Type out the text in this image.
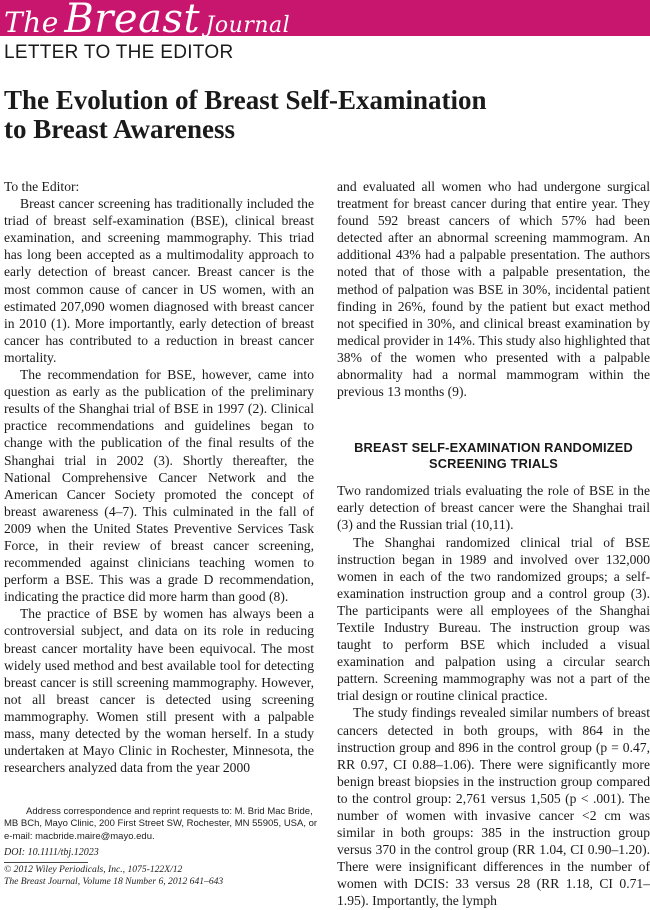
The Breast Journal
LETTER TO THE EDITOR
The Evolution of Breast Self-Examination
to Breast Awareness

To the Editor:

Breast cancer screening has traditionally included the triad of breast self-examination (BSE), clinical breast examination, and screening mammography. This triad has long been accepted as a multimodality approach to early detection of breast cancer. Breast cancer is the most common cause of cancer in US women, with an estimated 207,090 women diagnosed with breast cancer in 2010 (1). More importantly, early detection of breast cancer has contributed to a reduction in breast cancer mortality.

The recommendation for BSE, however, came into question as early as the publication of the preliminary results of the Shanghai trial of BSE in 1997 (2). Clinical practice recommendations and guidelines began to change with the publication of the final results of the Shanghai trial in 2002 (3). Shortly thereafter, the National Comprehensive Cancer Network and the American Cancer Society promoted the concept of breast awareness (4–7). This culminated in the fall of 2009 when the United States Preventive Services Task Force, in their review of breast cancer screening, recommended against clinicians teaching women to perform a BSE. This was a grade D recommendation, indicating the practice did more harm than good (8).

The practice of BSE by women has always been a controversial subject, and data on its role in reducing breast cancer mortality have been equivocal. The most widely used method and best available tool for detecting breast cancer is still screening mammography. However, not all breast cancer is detected using screening mammography. Women still present with a palpable mass, many detected by the woman herself. In a study undertaken at Mayo Clinic in Rochester, Minnesota, the researchers analyzed data from the year 2000

and evaluated all women who had undergone surgical treatment for breast cancer during that entire year. They found 592 breast cancers of which 57% had been detected after an abnormal screening mammogram. An additional 43% had a palpable presentation. The authors noted that of those with a palpable presentation, the method of palpation was BSE in 30%, incidental patient finding in 26%, found by the patient but exact method not specified in 30%, and clinical breast examination by medical provider in 14%. This study also highlighted that 38% of the women who presented with a palpable abnormality had a normal mammogram within the previous 13 months (9).

BREAST SELF-EXAMINATION RANDOMIZED SCREENING TRIALS

Two randomized trials evaluating the role of BSE in the early detection of breast cancer were the Shanghai trail (3) and the Russian trial (10,11).

The Shanghai randomized clinical trial of BSE instruction began in 1989 and involved over 132,000 women in each of the two randomized groups; a self-examination instruction group and a control group (3). The participants were all employees of the Shanghai Textile Industry Bureau. The instruction group was taught to perform BSE which included a visual examination and palpation using a circular search pattern. Screening mammography was not a part of the trial design or routine clinical practice.

The study findings revealed similar numbers of breast cancers detected in both groups, with 864 in the instruction group and 896 in the control group (p = 0.47, RR 0.97, CI 0.88–1.06). There were significantly more benign breast biopsies in the instruction group compared to the control group: 2,761 versus 1,505 (p < .001). The number of women with invasive cancer <2 cm was similar in both groups: 385 in the instruction group versus 370 in the control group (RR 1.04, CI 0.90–1.20). There were insignificant differences in the number of women with DCIS: 33 versus 28 (RR 1.18, CI 0.71–1.95). Importantly, the lymph

Address correspondence and reprint requests to: M. Brid Mac Bride, MB BCh, Mayo Clinic, 200 First Street SW, Rochester, MN 55905, USA, or e-mail: macbride.maire@mayo.edu.
DOI: 10.1111/tbj.12023
© 2012 Wiley Periodicals, Inc., 1075-122X/12
The Breast Journal, Volume 18 Number 6, 2012 641–643
